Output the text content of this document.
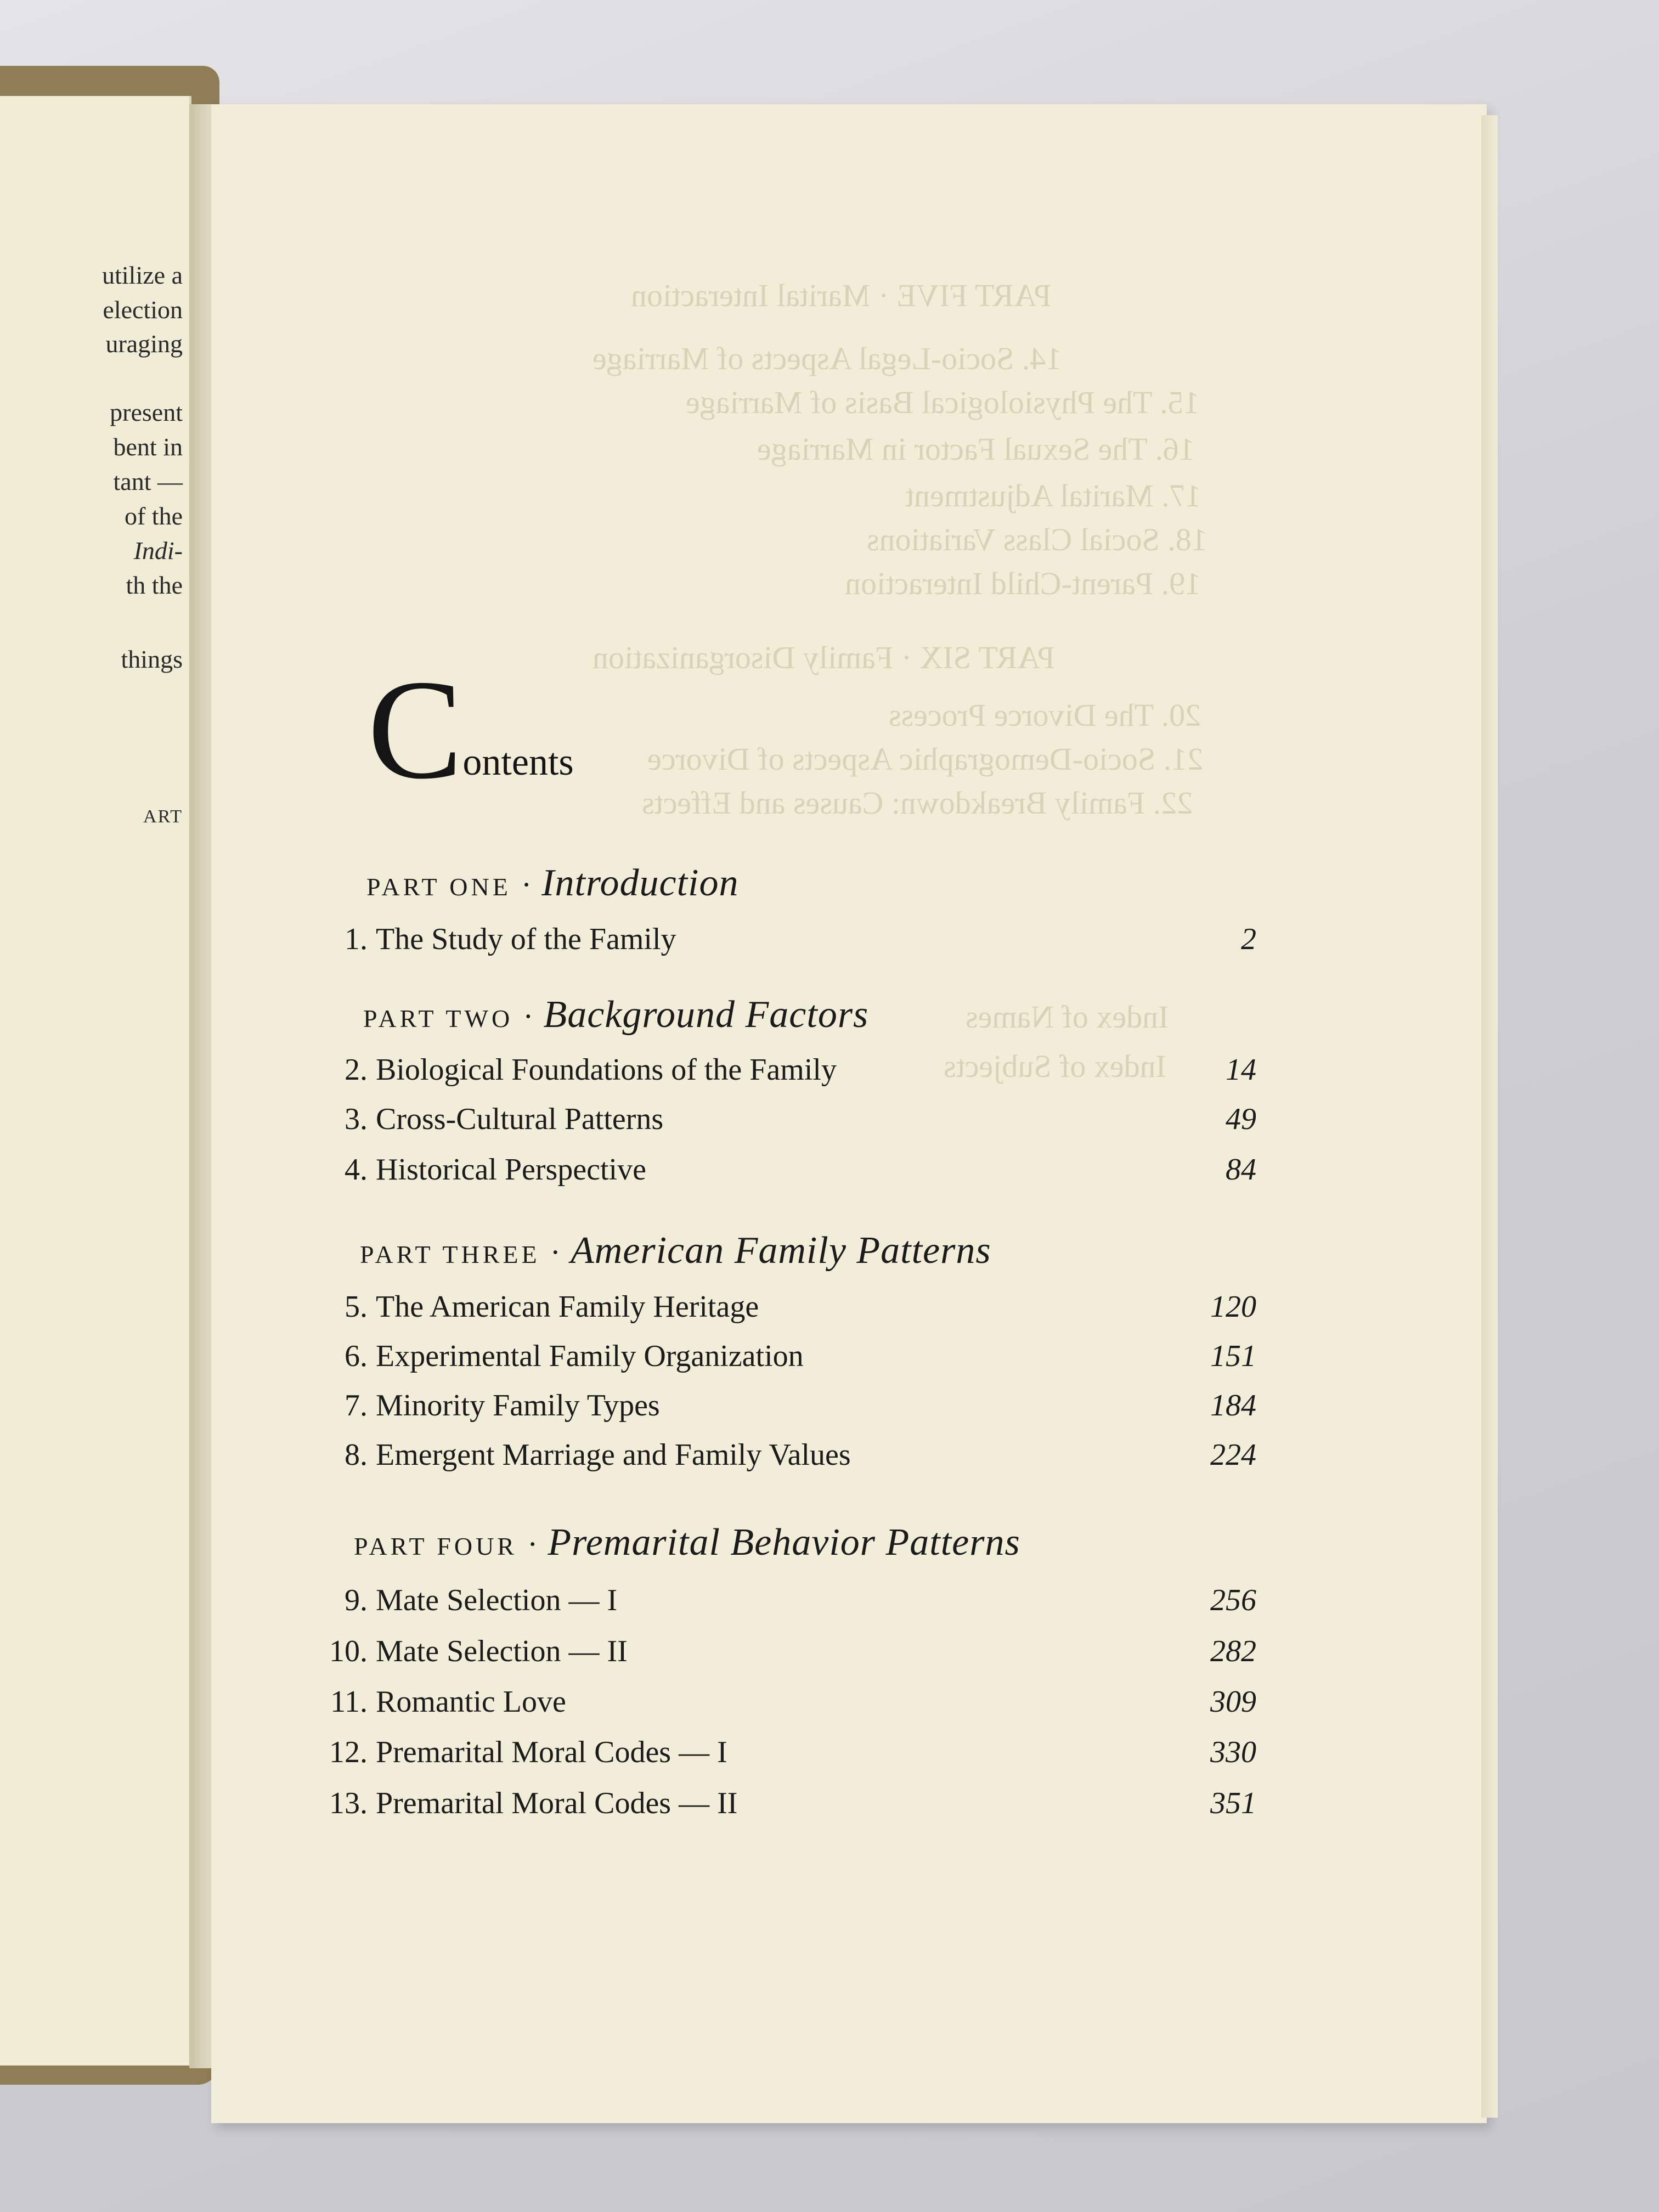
utilize a
election
uraging
present
bent in
tant —
of the
Indi-
th the
things
ART
PART FIVE · Marital Interaction
14. Socio-Legal Aspects of Marriage
15. The Physiological Basis of Marriage
16. The Sexual Factor in Marriage
17. Marital Adjustment
18. Social Class Variations
19. Parent-Child Interaction
PART SIX · Family Disorganization
20. The Divorce Process
21. Socio-Demographic Aspects of Divorce
22. Family Breakdown: Causes and Effects
Index of Names
Index of Subjects
Contents
PART ONE · Introduction
1. The Study of the Family	2
PART TWO · Background Factors
2. Biological Foundations of the Family	14
3. Cross-Cultural Patterns	49
4. Historical Perspective	84
PART THREE · American Family Patterns
5. The American Family Heritage	120
6. Experimental Family Organization	151
7. Minority Family Types	184
8. Emergent Marriage and Family Values	224
PART FOUR · Premarital Behavior Patterns
9. Mate Selection — I	256
10. Mate Selection — II	282
11. Romantic Love	309
12. Premarital Moral Codes — I	330
13. Premarital Moral Codes — II	351
